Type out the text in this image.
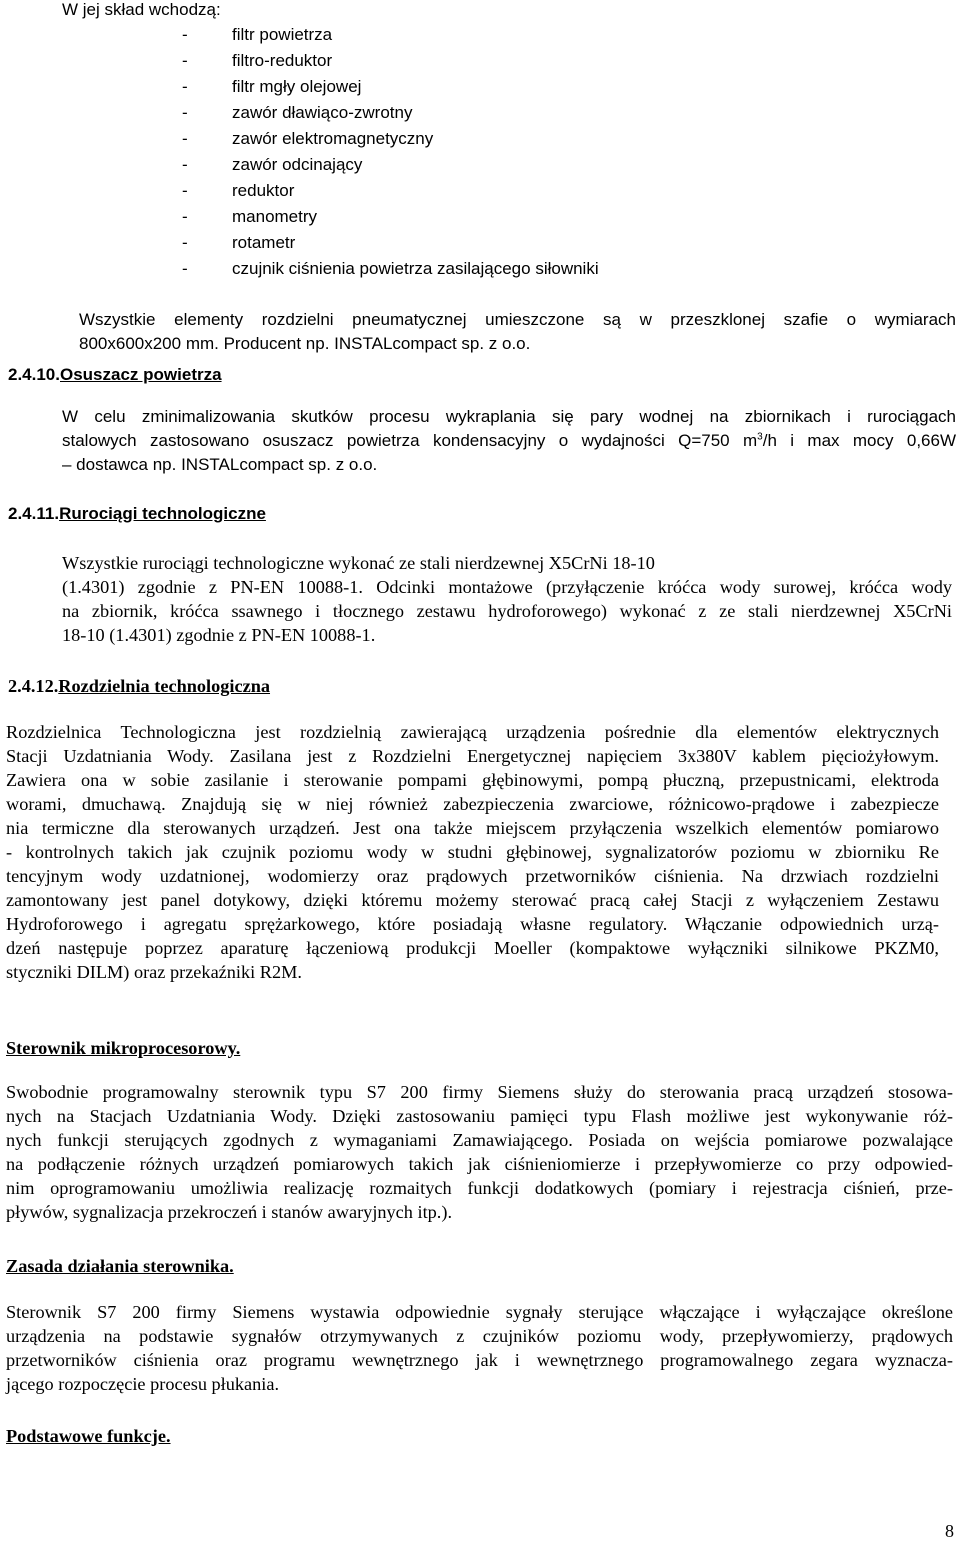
W jej skład wchodzą:
-	filtr powietrza
-	filtro-reduktor
-	filtr mgły olejowej
-	zawór dławiąco-zwrotny
-	zawór elektromagnetyczny
-	zawór odcinający
-	reduktor
-	manometry
-	rotametr
-	czujnik ciśnienia powietrza zasilającego siłowniki
Wszystkie elementy rozdzielni pneumatycznej umieszczone są w przeszklonej szafie o wymiarach
800x600x200 mm. Producent np. INSTALcompact sp. z o.o.
2.4.10.Osuszacz powietrza
W celu zminimalizowania skutków procesu wykraplania się pary wodnej na zbiornikach i rurociągach
stalowych zastosowano osuszacz powietrza kondensacyjny o wydajności Q=750 $m^3/h$ i max mocy 0,66W
– dostawca np. INSTALcompact sp. z o.o.
2.4.11.Rurociągi technologiczne
Wszystkie rurociągi technologiczne wykonać ze stali nierdzewnej X5CrNi 18-10
(1.4301) zgodnie z PN-EN 10088-1. Odcinki montażowe (przyłączenie króćca wody surowej, króćca wody
na zbiornik, króćca ssawnego i tłocznego zestawu hydroforowego) wykonać z ze stali nierdzewnej X5CrNi
18-10 (1.4301) zgodnie z PN-EN 10088-1.
2.4.12.Rozdzielnia technologiczna
Rozdzielnica Technologiczna jest rozdzielnią zawierającą urządzenia pośrednie dla elementów elektrycznych
Stacji Uzdatniania Wody. Zasilana jest z Rozdzielni Energetycznej napięciem 3x380V kablem pięciożyłowym.
Zawiera ona w sobie zasilanie i sterowanie pompami głębinowymi, pompą płuczną, przepustnicami, elektroda
worami, dmuchawą. Znajdują się w niej również zabezpieczenia zwarciowe, różnicowo-prądowe i zabezpiecze
nia termiczne dla sterowanych urządzeń. Jest ona także miejscem przyłączenia wszelkich elementów pomiarowo
- kontrolnych takich jak czujnik poziomu wody w studni głębinowej, sygnalizatorów poziomu w zbiorniku Re
tencyjnym wody uzdatnionej, wodomierzy oraz prądowych przetworników ciśnienia. Na drzwiach rozdzielni
zamontowany jest panel dotykowy, dzięki któremu możemy sterować pracą całej Stacji z wyłączeniem Zestawu
Hydroforowego i agregatu sprężarkowego, które posiadają własne regulatory. Włączanie odpowiednich urzą-
dzeń następuje poprzez aparaturę łączeniową produkcji Moeller (kompaktowe wyłączniki silnikowe PKZM0,
styczniki DILM) oraz przekaźniki R2M.
Sterownik mikroprocesorowy.
Swobodnie programowalny sterownik typu S7 200 firmy Siemens służy do sterowania pracą urządzeń stosowa-
nych na Stacjach Uzdatniania Wody. Dzięki zastosowaniu pamięci typu Flash możliwe jest wykonywanie róż-
nych funkcji sterujących zgodnych z wymaganiami Zamawiającego. Posiada on wejścia pomiarowe pozwalające
na podłączenie różnych urządzeń pomiarowych takich jak ciśnieniomierze i przepływomierze co przy odpowied-
nim oprogramowaniu umożliwia realizację rozmaitych funkcji dodatkowych (pomiary i rejestracja ciśnień, prze-
pływów, sygnalizacja przekroczeń i stanów awaryjnych itp.).
Zasada działania sterownika.
Sterownik S7 200 firmy Siemens wystawia odpowiednie sygnały sterujące włączające i wyłączające określone
urządzenia na podstawie sygnałów otrzymywanych z czujników poziomu wody, przepływomierzy, prądowych
przetworników ciśnienia oraz programu wewnętrznego jak i wewnętrznego programowalnego zegara wyznacza-
jącego rozpoczęcie procesu płukania.
Podstawowe funkcje.
8
